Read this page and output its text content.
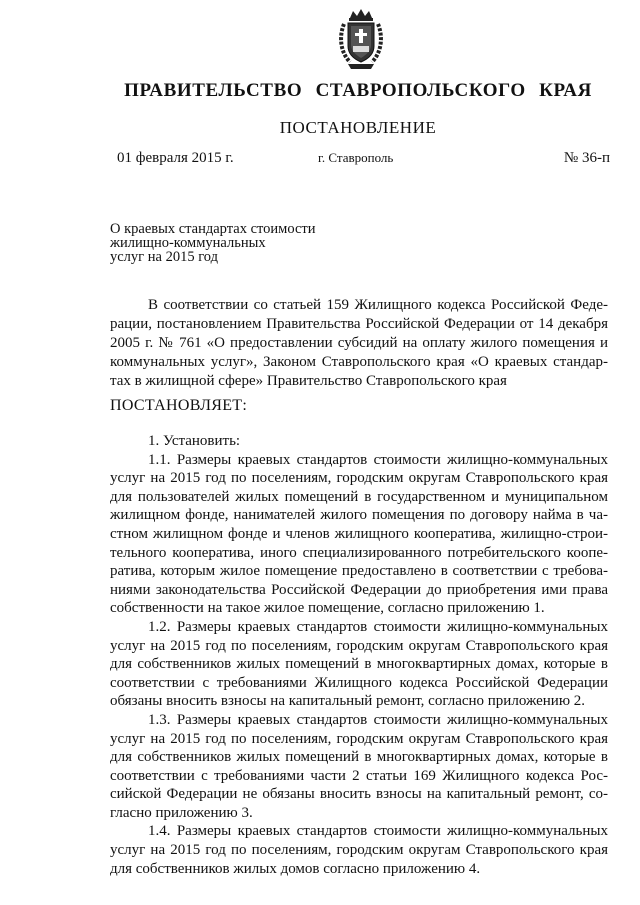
ПРАВИТЕЛЬСТВО СТАВРОПОЛЬСКОГО КРАЯ
ПОСТАНОВЛЕНИЕ
01 февраля 2015 г.	г. Ставрополь	№ 36-п
О краевых стандартах стоимости
жилищно-коммунальных
услуг на 2015 год
В соответствии со статьей 159 Жилищного кодекса Российской Феде-
рации, постановлением Правительства Российской Федерации от 14 декабря
2005 г. № 761 «О предоставлении субсидий на оплату жилого помещения и
коммунальных услуг», Законом Ставропольского края «О краевых стандар-
тах в жилищной сфере» Правительство Ставропольского края
ПОСТАНОВЛЯЕТ:
1. Установить:
1.1. Размеры краевых стандартов стоимости жилищно-коммунальных
услуг на 2015 год по поселениям, городским округам Ставропольского края
для пользователей жилых помещений в государственном и муниципальном
жилищном фонде, нанимателей жилого помещения по договору найма в ча-
стном жилищном фонде и членов жилищного кооператива, жилищно-строи-
тельного кооператива, иного специализированного потребительского коопе-
ратива, которым жилое помещение предоставлено в соответствии с требова-
ниями законодательства Российской Федерации до приобретения ими права
собственности на такое жилое помещение, согласно приложению 1.
1.2. Размеры краевых стандартов стоимости жилищно-коммунальных
услуг на 2015 год по поселениям, городским округам Ставропольского края
для собственников жилых помещений в многоквартирных домах, которые в
соответствии с требованиями Жилищного кодекса Российской Федерации
обязаны вносить взносы на капитальный ремонт, согласно приложению 2.
1.3. Размеры краевых стандартов стоимости жилищно-коммунальных
услуг на 2015 год по поселениям, городским округам Ставропольского края
для собственников жилых помещений в многоквартирных домах, которые в
соответствии с требованиями части 2 статьи 169 Жилищного кодекса Рос-
сийской Федерации не обязаны вносить взносы на капитальный ремонт, со-
гласно приложению 3.
1.4. Размеры краевых стандартов стоимости жилищно-коммунальных
услуг на 2015 год по поселениям, городским округам Ставропольского края
для собственников жилых домов согласно приложению 4.
